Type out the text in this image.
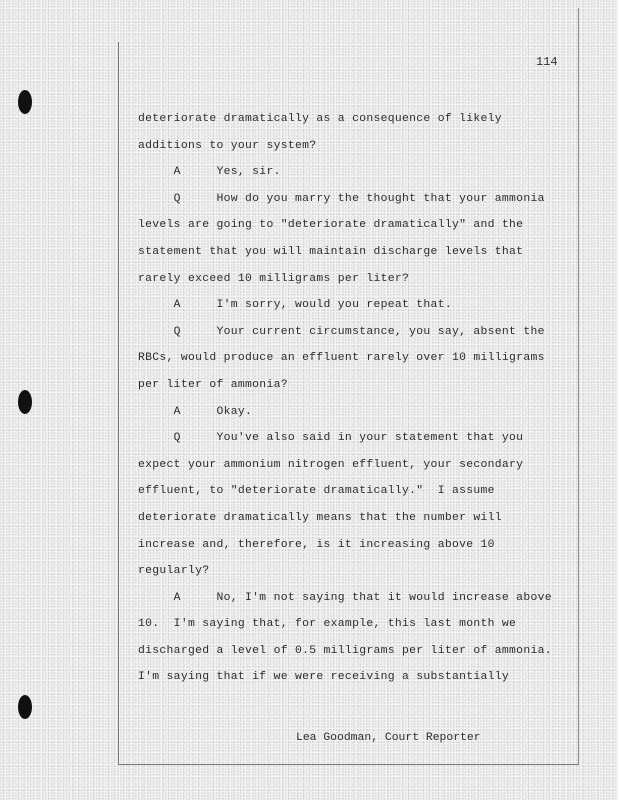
114
deteriorate dramatically as a consequence of likely
additions to your system?
A     Yes, sir.
Q     How do you marry the thought that your ammonia
levels are going to "deteriorate dramatically" and the
statement that you will maintain discharge levels that
rarely exceed 10 milligrams per liter?
A     I'm sorry, would you repeat that.
Q     Your current circumstance, you say, absent the
RBCs, would produce an effluent rarely over 10 milligrams
per liter of ammonia?
A     Okay.
Q     You've also said in your statement that you
expect your ammonium nitrogen effluent, your secondary
effluent, to "deteriorate dramatically."  I assume
deteriorate dramatically means that the number will
increase and, therefore, is it increasing above 10
regularly?
A     No, I'm not saying that it would increase above
10.  I'm saying that, for example, this last month we
discharged a level of 0.5 milligrams per liter of ammonia.
I'm saying that if we were receiving a substantially
Lea Goodman, Court Reporter
